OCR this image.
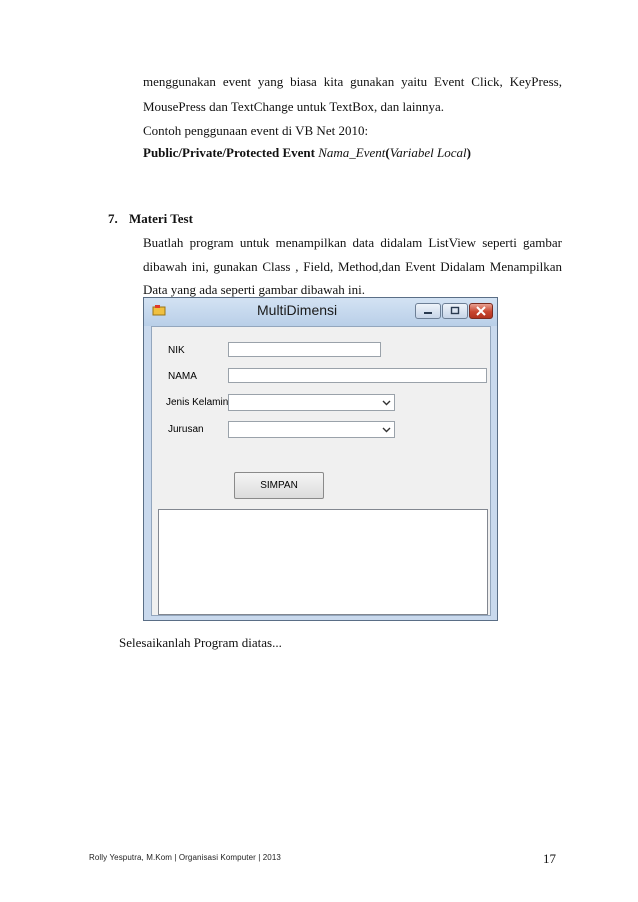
menggunakan event yang biasa kita gunakan yaitu Event Click, KeyPress,
MousePress dan TextChange untuk TextBox, dan lainnya.
Contoh penggunaan event di VB Net 2010:
Public/Private/Protected Event Nama_Event(Variabel Local)
7. Materi Test
Buatlah program untuk menampilkan data didalam ListView seperti gambar
dibawah ini, gunakan Class , Field, Method,dan Event Didalam Menampilkan
Data yang ada seperti gambar dibawah ini.
MultiDimensi
NIK
NAMA
Jenis Kelamin
Jurusan
SIMPAN
Selesaikanlah Program diatas...
Rolly Yesputra, M.Kom | Organisasi Komputer | 2013	17
